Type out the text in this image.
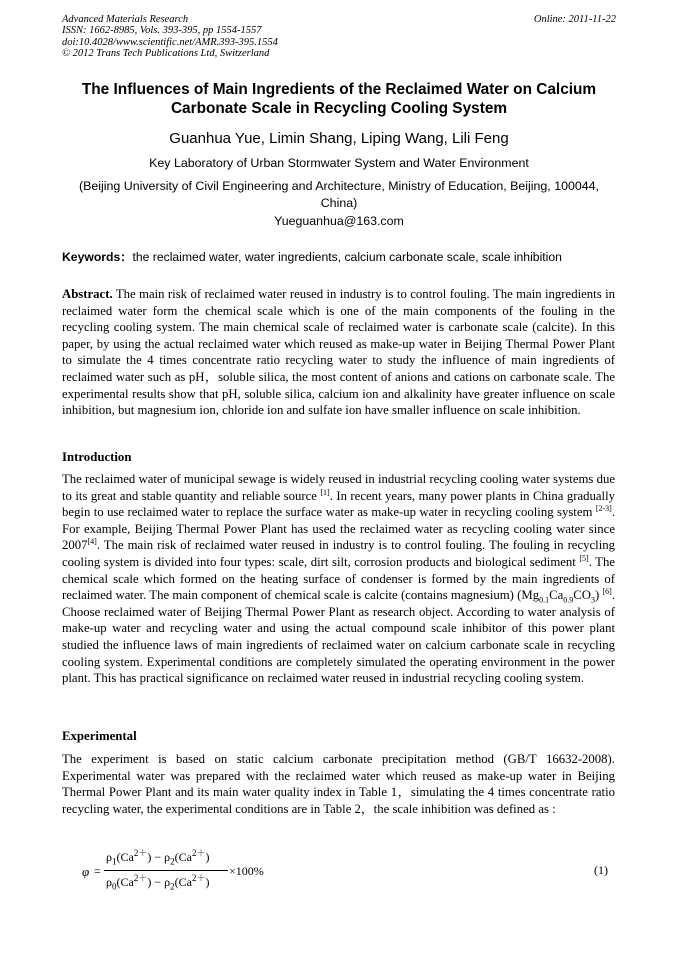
Advanced Materials Research
ISSN: 1662-8985, Vols. 393-395, pp 1554-1557
doi:10.4028/www.scientific.net/AMR.393-395.1554
© 2012 Trans Tech Publications Ltd, Switzerland
Online: 2011-11-22
The Influences of Main Ingredients of the Reclaimed Water on Calcium
Carbonate Scale in Recycling Cooling System
Guanhua Yue, Limin Shang, Liping Wang, Lili Feng
Key Laboratory of Urban Stormwater System and Water Environment
(Beijing University of Civil Engineering and Architecture, Ministry of Education, Beijing, 100044,
China)
Yueguanhua@163.com
Keywords：the reclaimed water, water ingredients, calcium carbonate scale, scale inhibition
Abstract. The main risk of reclaimed water reused in industry is to control fouling. The main ingredients in reclaimed water form the chemical scale which is one of the main components of the fouling in the recycling cooling system. The main chemical scale of reclaimed water is carbonate scale (calcite). In this paper, by using the actual reclaimed water which reused as make-up water in Beijing Thermal Power Plant to simulate the 4 times concentrate ratio recycling water to study the influence of main ingredients of reclaimed water such as pH，soluble silica, the most content of anions and cations on carbonate scale. The experimental results show that pH, soluble silica, calcium ion and alkalinity have greater influence on scale inhibition, but magnesium ion, chloride ion and sulfate ion have smaller influence on scale inhibition.
Introduction
The reclaimed water of municipal sewage is widely reused in industrial recycling cooling water systems due to its great and stable quantity and reliable source [1]. In recent years, many power plants in China gradually begin to use reclaimed water to replace the surface water as make-up water in recycling cooling system [2-3]. For example, Beijing Thermal Power Plant has used the reclaimed water as recycling cooling water since 2007[4]. The main risk of reclaimed water reused in industry is to control fouling. The fouling in recycling cooling system is divided into four types: scale, dirt silt, corrosion products and biological sediment [5]. The chemical scale which formed on the heating surface of condenser is formed by the main ingredients of reclaimed water. The main component of chemical scale is calcite (contains magnesium) $(Mg_{0.1}Ca_{0.9}CO_3)$ [6]. Choose reclaimed water of Beijing Thermal Power Plant as research object. According to water analysis of make-up water and recycling water and using the actual compound scale inhibitor of this power plant studied the influence laws of main ingredients of reclaimed water on calcium carbonate scale in recycling cooling system. Experimental conditions are completely simulated the operating environment in the power plant. This has practical significance on reclaimed water reused in industrial recycling cooling system.
Experimental
The experiment is based on static calcium carbonate precipitation method (GB/T 16632-2008). Experimental water was prepared with the reclaimed water which reused as make-up water in Beijing Thermal Power Plant and its main water quality index in Table 1，simulating the 4 times concentrate ratio recycling water, the experimental conditions are in Table 2，the scale inhibition was defined as :
φ =
$\rho_1(Ca^{2+}) - \rho_2(Ca^{2+})$
$\rho_0(Ca^{2+}) - \rho_2(Ca^{2+})$
×100%	(1)
